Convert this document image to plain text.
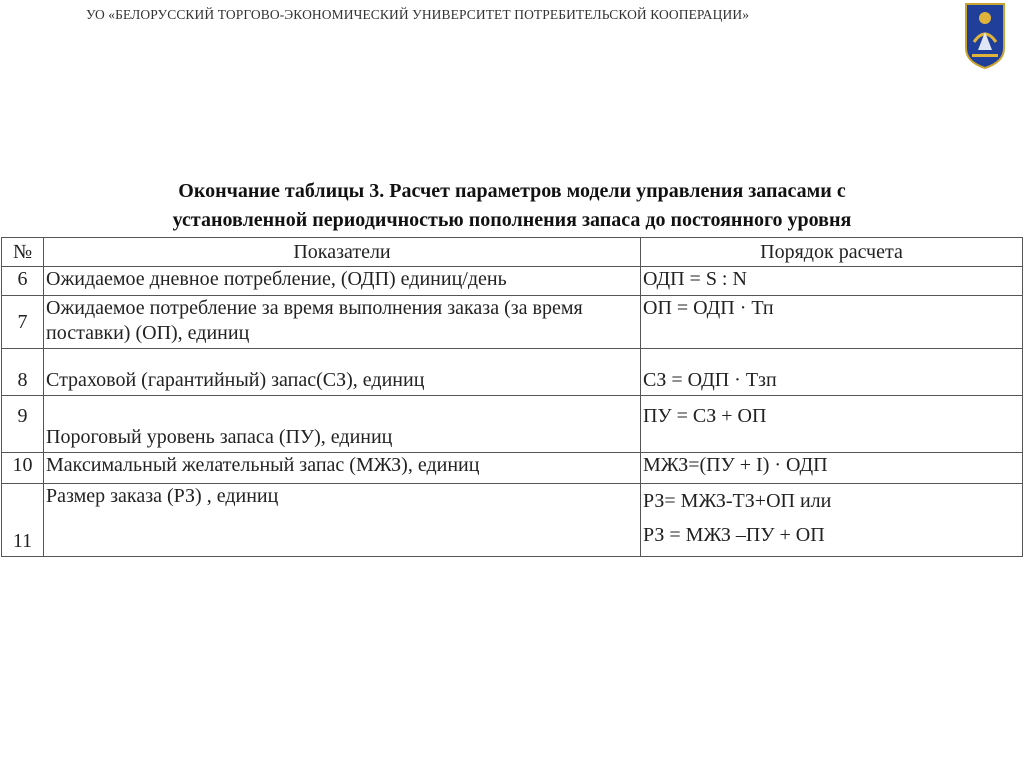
УО «БЕЛОРУССКИЙ ТОРГОВО-ЭКОНОМИЧЕСКИЙ УНИВЕРСИТЕТ ПОТРЕБИТЕЛЬСКОЙ КООПЕРАЦИИ»
Окончание таблицы 3. Расчет параметров модели управления запасами с
установленной периодичностью пополнения запаса до постоянного уровня
№	Показатели	Порядок расчета
6	Ожидаемое дневное потребление, (ОДП) единиц/день	ОДП = S : N
7	Ожидаемое потребление за время выполнения заказа (за время поставки) (ОП), единиц	ОП = ОДП · Тп
8	Страховой (гарантийный) запас(СЗ), единиц	СЗ = ОДП · Тзп
9	Пороговый уровень запаса (ПУ), единиц	ПУ = СЗ + ОП
10	Максимальный желательный запас (МЖЗ), единиц	МЖЗ=(ПУ + I) · ОДП
11	Размер заказа (РЗ) , единиц	РЗ= МЖЗ-ТЗ+ОП или
РЗ = МЖЗ –ПУ + ОП
